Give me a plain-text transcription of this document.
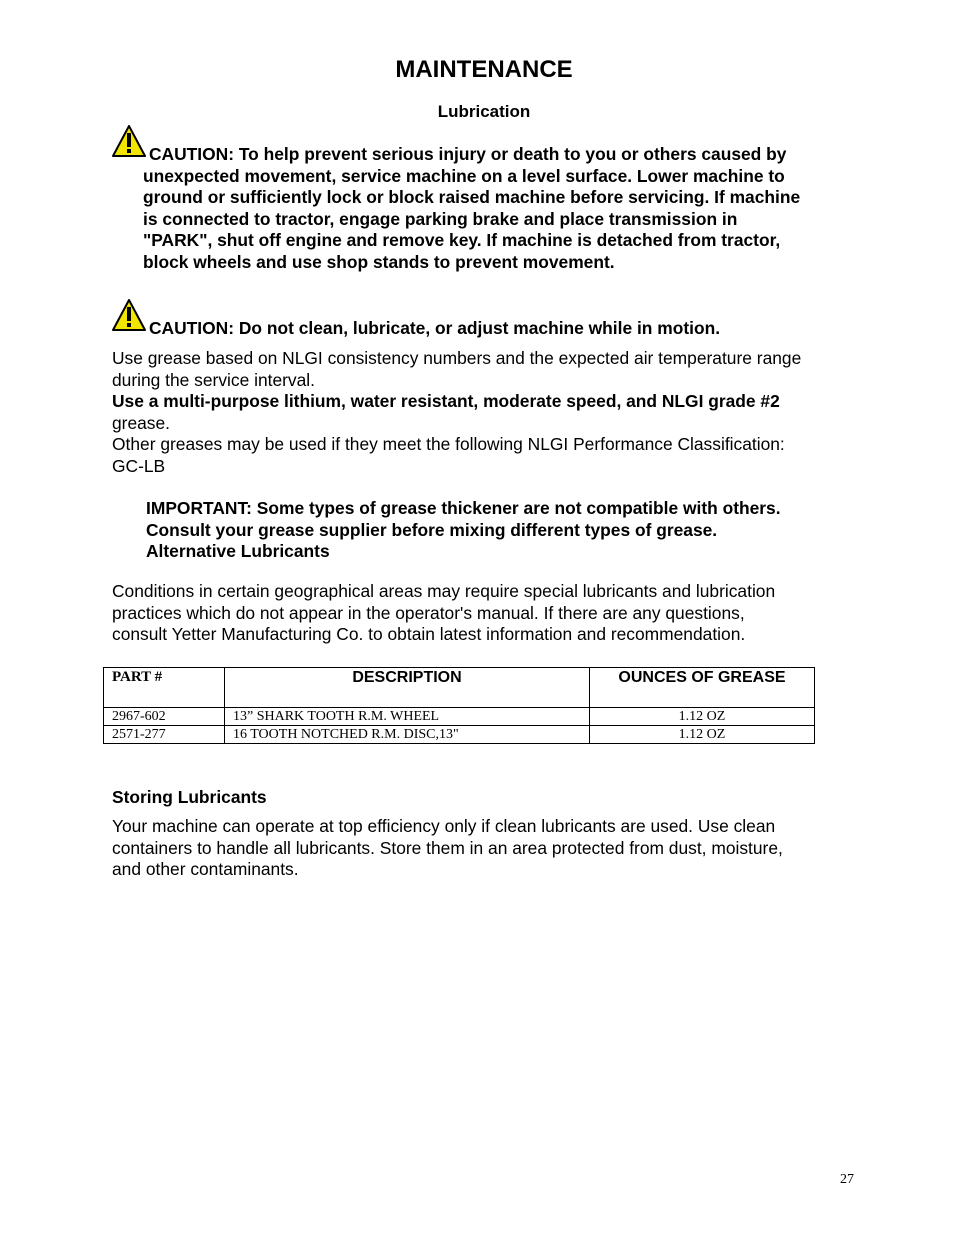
MAINTENANCE
Lubrication
CAUTION: To help prevent serious injury or death to you or others caused by
unexpected movement, service machine on a level surface. Lower machine to
ground or sufficiently lock or block raised machine before servicing. If machine
is connected to tractor, engage parking brake and place transmission in
"PARK", shut off engine and remove key. If machine is detached from tractor,
block wheels and use shop stands to prevent movement.
CAUTION: Do not clean, lubricate, or adjust machine while in motion.
Use grease based on NLGI consistency numbers and the expected air temperature range
during the service interval.
Use a multi-purpose lithium, water resistant, moderate speed, and NLGI grade #2
grease.
Other greases may be used if they meet the following NLGI Performance Classification:
GC-LB
IMPORTANT: Some types of grease thickener are not compatible with others.
Consult your grease supplier before mixing different types of grease.
Alternative Lubricants
Conditions in certain geographical areas may require special lubricants and lubrication
practices which do not appear in the operator's manual. If there are any questions,
consult Yetter Manufacturing Co. to obtain latest information and recommendation.
PART #	DESCRIPTION	OUNCES OF GREASE
2967-602	13” SHARK TOOTH R.M. WHEEL	1.12 OZ
2571-277	16 TOOTH NOTCHED R.M. DISC,13"	1.12 OZ
Storing Lubricants
Your machine can operate at top efficiency only if clean lubricants are used. Use clean
containers to handle all lubricants. Store them in an area protected from dust, moisture,
and other contaminants.
27
